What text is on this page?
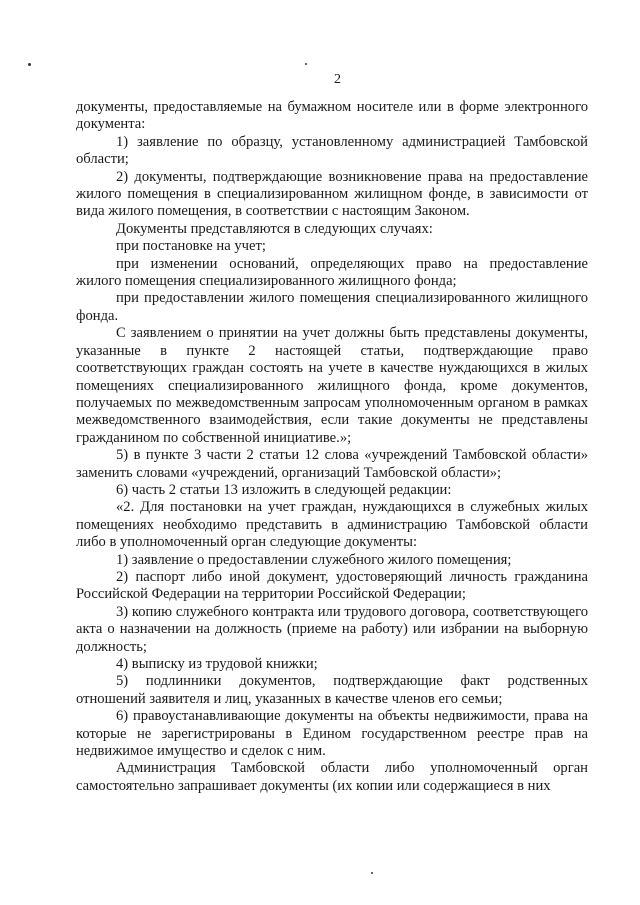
2

документы, предоставляемые на бумажном носителе или в форме электронного документа:

1) заявление по образцу, установленному администрацией Тамбовской области;

2) документы, подтверждающие возникновение права на предоставление жилого помещения в специализированном жилищном фонде, в зависимости от вида жилого помещения, в соответствии с настоящим Законом.

Документы представляются в следующих случаях:

при постановке на учет;

при изменении оснований, определяющих право на предоставление жилого помещения специализированного жилищного фонда;

при предоставлении жилого помещения специализированного жилищного фонда.

С заявлением о принятии на учет должны быть представлены документы, указанные в пункте 2 настоящей статьи, подтверждающие право соответствующих граждан состоять на учете в качестве нуждающихся в жилых помещениях специализированного жилищного фонда, кроме документов, получаемых по межведомственным запросам уполномоченным органом в рамках межведомственного взаимодействия, если такие документы не представлены гражданином по собственной инициативе.»;

5) в пункте 3 части 2 статьи 12 слова «учреждений Тамбовской области» заменить словами «учреждений, организаций Тамбовской области»;

6) часть 2 статьи 13 изложить в следующей редакции:

«2. Для постановки на учет граждан, нуждающихся в служебных жилых помещениях необходимо представить в администрацию Тамбовской области либо в уполномоченный орган следующие документы:

1) заявление о предоставлении служебного жилого помещения;

2) паспорт либо иной документ, удостоверяющий личность гражданина Российской Федерации на территории Российской Федерации;

3) копию служебного контракта или трудового договора, соответствующего акта о назначении на должность (приеме на работу) или избрании на выборную должность;

4) выписку из трудовой книжки;

5) подлинники документов, подтверждающие факт родственных отношений заявителя и лиц, указанных в качестве членов его семьи;

6) правоустанавливающие документы на объекты недвижимости, права на которые не зарегистрированы в Едином государственном реестре прав на недвижимое имущество и сделок с ним.

Администрация Тамбовской области либо уполномоченный орган самостоятельно запрашивает документы (их копии или содержащиеся в них
